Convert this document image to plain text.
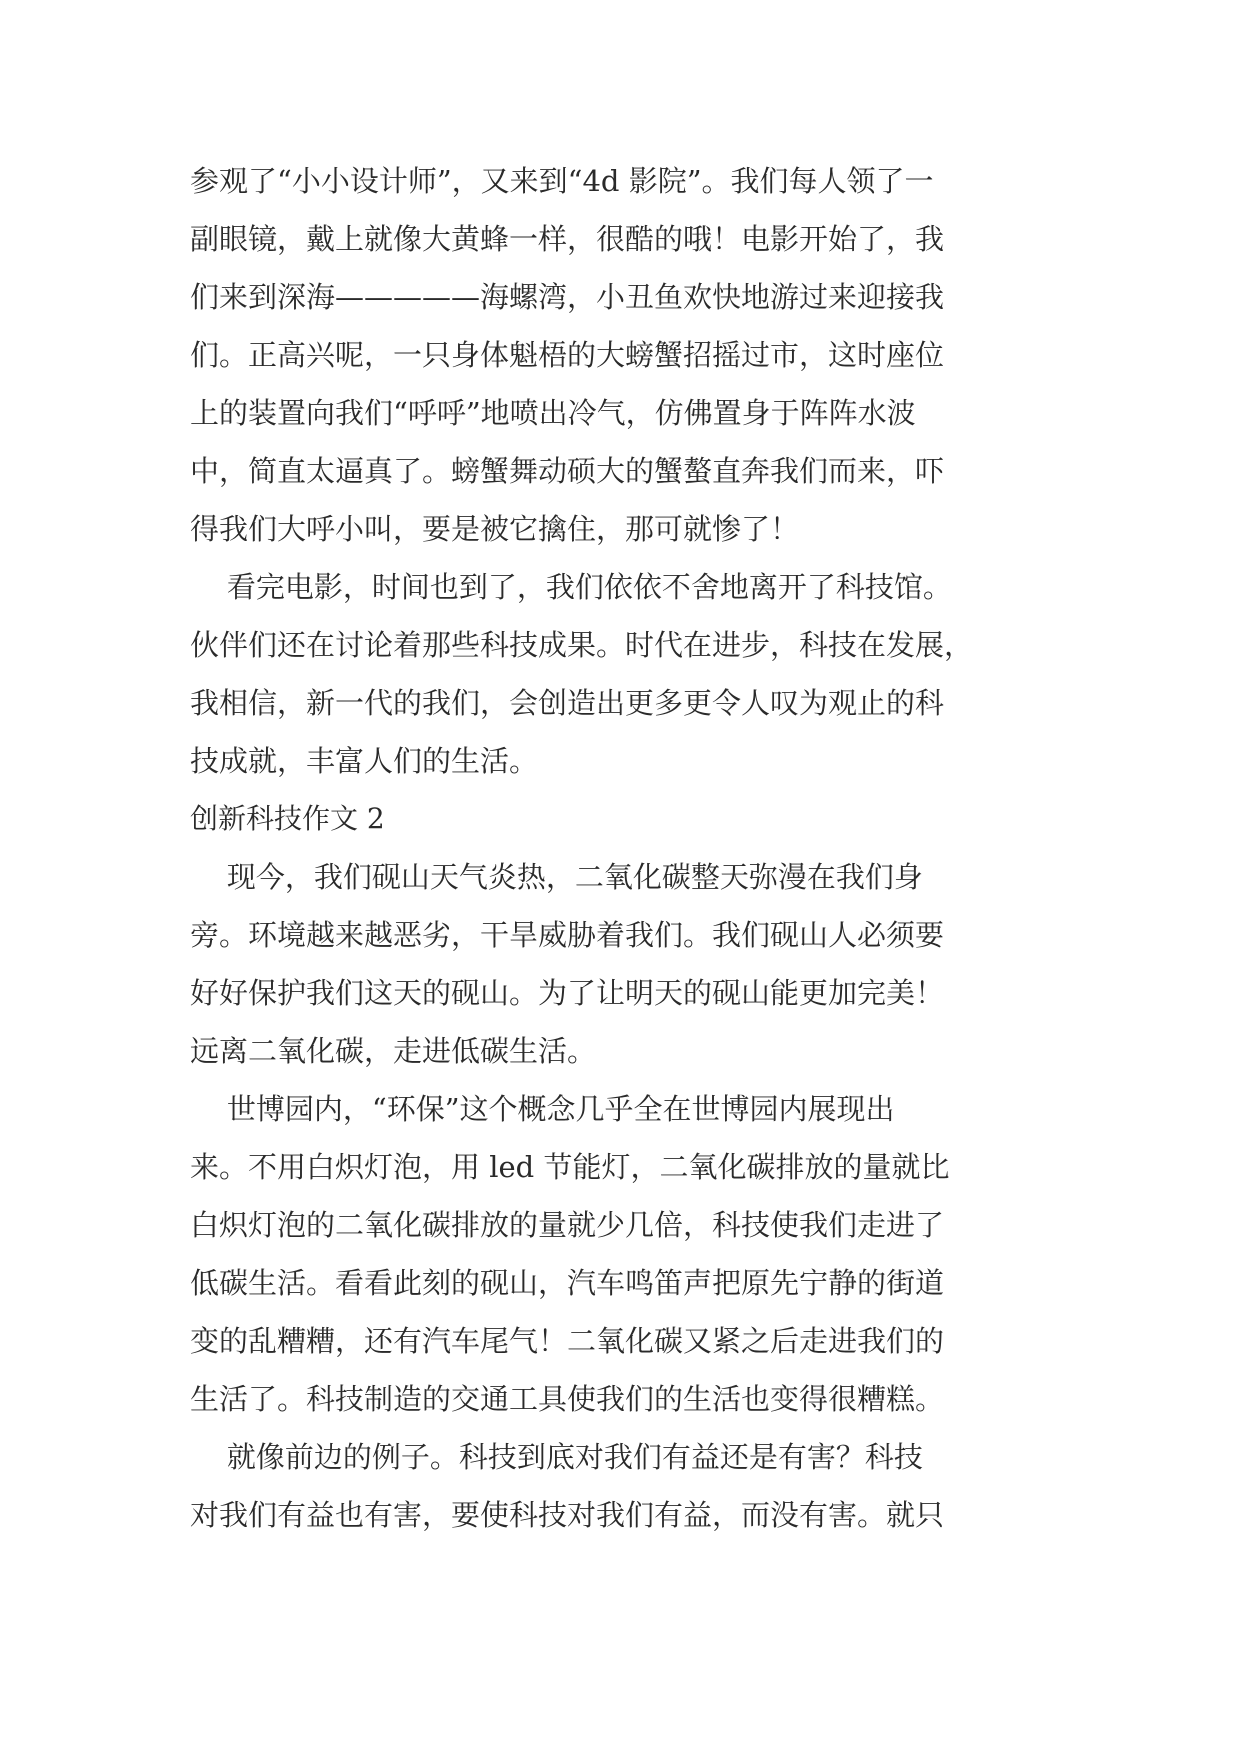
参观了“小小设计师”，又来到“4d 影院”。我们每人领了一
副眼镜，戴上就像大黄蜂一样，很酷的哦！电影开始了，我
们来到深海—————海螺湾，小丑鱼欢快地游过来迎接我
们。正高兴呢，一只身体魁梧的大螃蟹招摇过市，这时座位
上的装置向我们“呼呼”地喷出冷气，仿佛置身于阵阵水波
中，简直太逼真了。螃蟹舞动硕大的蟹螯直奔我们而来，吓
得我们大呼小叫，要是被它擒住，那可就惨了！
看完电影，时间也到了，我们依依不舍地离开了科技馆。
伙伴们还在讨论着那些科技成果。时代在进步，科技在发展，
我相信，新一代的我们，会创造出更多更令人叹为观止的科
技成就，丰富人们的生活。
创新科技作文 2
现今，我们砚山天气炎热，二氧化碳整天弥漫在我们身
旁。环境越来越恶劣，干旱威胁着我们。我们砚山人必须要
好好保护我们这天的砚山。为了让明天的砚山能更加完美！
远离二氧化碳，走进低碳生活。
世博园内，“环保”这个概念几乎全在世博园内展现出
来。不用白炽灯泡，用 led 节能灯，二氧化碳排放的量就比
白炽灯泡的二氧化碳排放的量就少几倍，科技使我们走进了
低碳生活。看看此刻的砚山，汽车鸣笛声把原先宁静的街道
变的乱糟糟，还有汽车尾气！二氧化碳又紧之后走进我们的
生活了。科技制造的交通工具使我们的生活也变得很糟糕。
就像前边的例子。科技到底对我们有益还是有害？科技
对我们有益也有害，要使科技对我们有益，而没有害。就只
